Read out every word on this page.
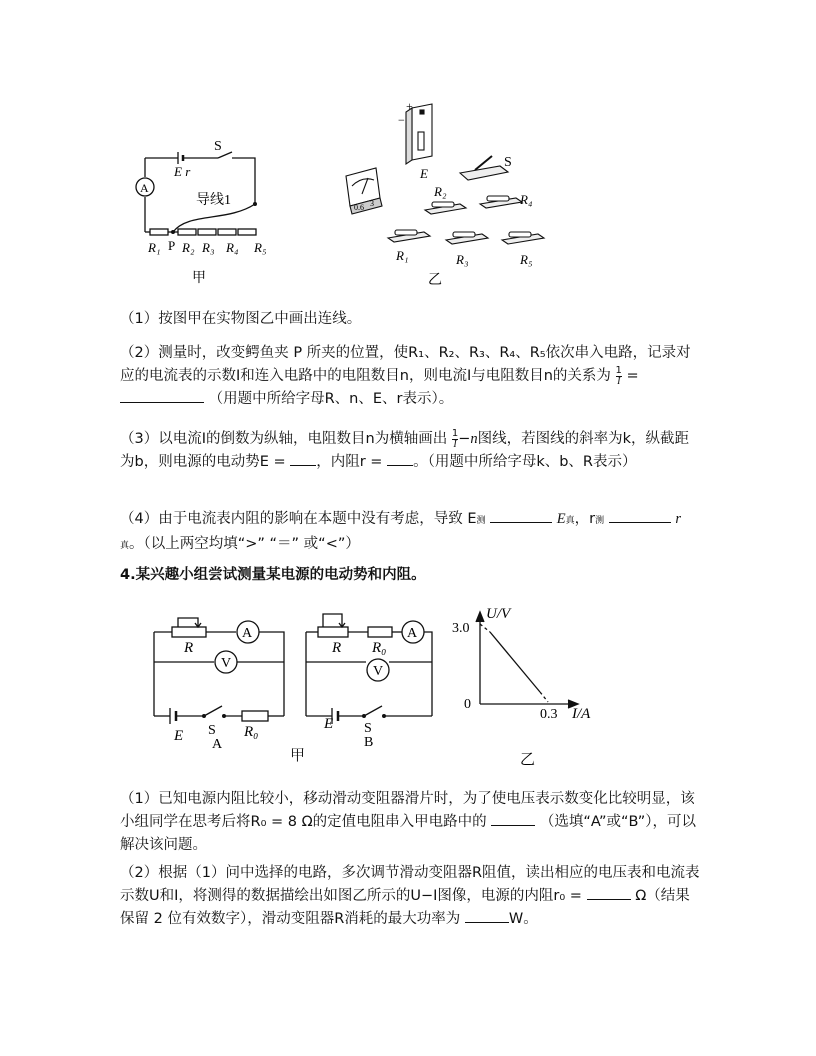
S
E r
A
导线1
R₁ P R₂ R₃ R₄ R₅
甲
+
−
E
0.6 3
S
R₂
R₄
R₁	R₃	R₅
乙
（1）按图甲在实物图乙中画出连线。
（2）测量时，改变鳄鱼夹 P 所夹的位置，使R₁、R₂、R₃、R₄、R₅依次串入电路，记录对应的电流表的示数I和连入电路中的电阻数目n，则电流I与电阻数目n的关系为 $\frac{1}{I}$ =  （用题中所给字母R、n、E、r表示）。
（3）以电流I的倒数为纵轴，电阻数目n为横轴画出 $\frac{1}{I} -n$图线，若图线的斜率为k，纵截距为b，则电源的电动势E = ，内阻r = 。（用题中所给字母k、b、R表示）
（4）由于电流表内阻的影响在本题中没有考虑，导致 E测	E真，r测	r真。（以上两空均填“>” “＝” 或“<”）
4.某兴趣小组尝试测量某电源的电动势和内阻。
R
A
V
E S R₀
A
R R₀
A
V
E S
B
甲
U/V
3.0
0
0.3 I/A
乙
（1）已知电源内阻比较小，移动滑动变阻器滑片时，为了使电压表示数变化比较明显，该小组同学在思考后将R₀ = 8 Ω的定值电阻串入甲电路中的	（选填“A”或“B”），可以解决该问题。
（2）根据（1）问中选择的电路，多次调节滑动变阻器R阻值，读出相应的电压表和电流表示数U和I，将测得的数据描绘出如图乙所示的U−I图像，电源的内阻r₀ =	Ω（结果保留 2 位有效数字），滑动变阻器R消耗的最大功率为	W。
